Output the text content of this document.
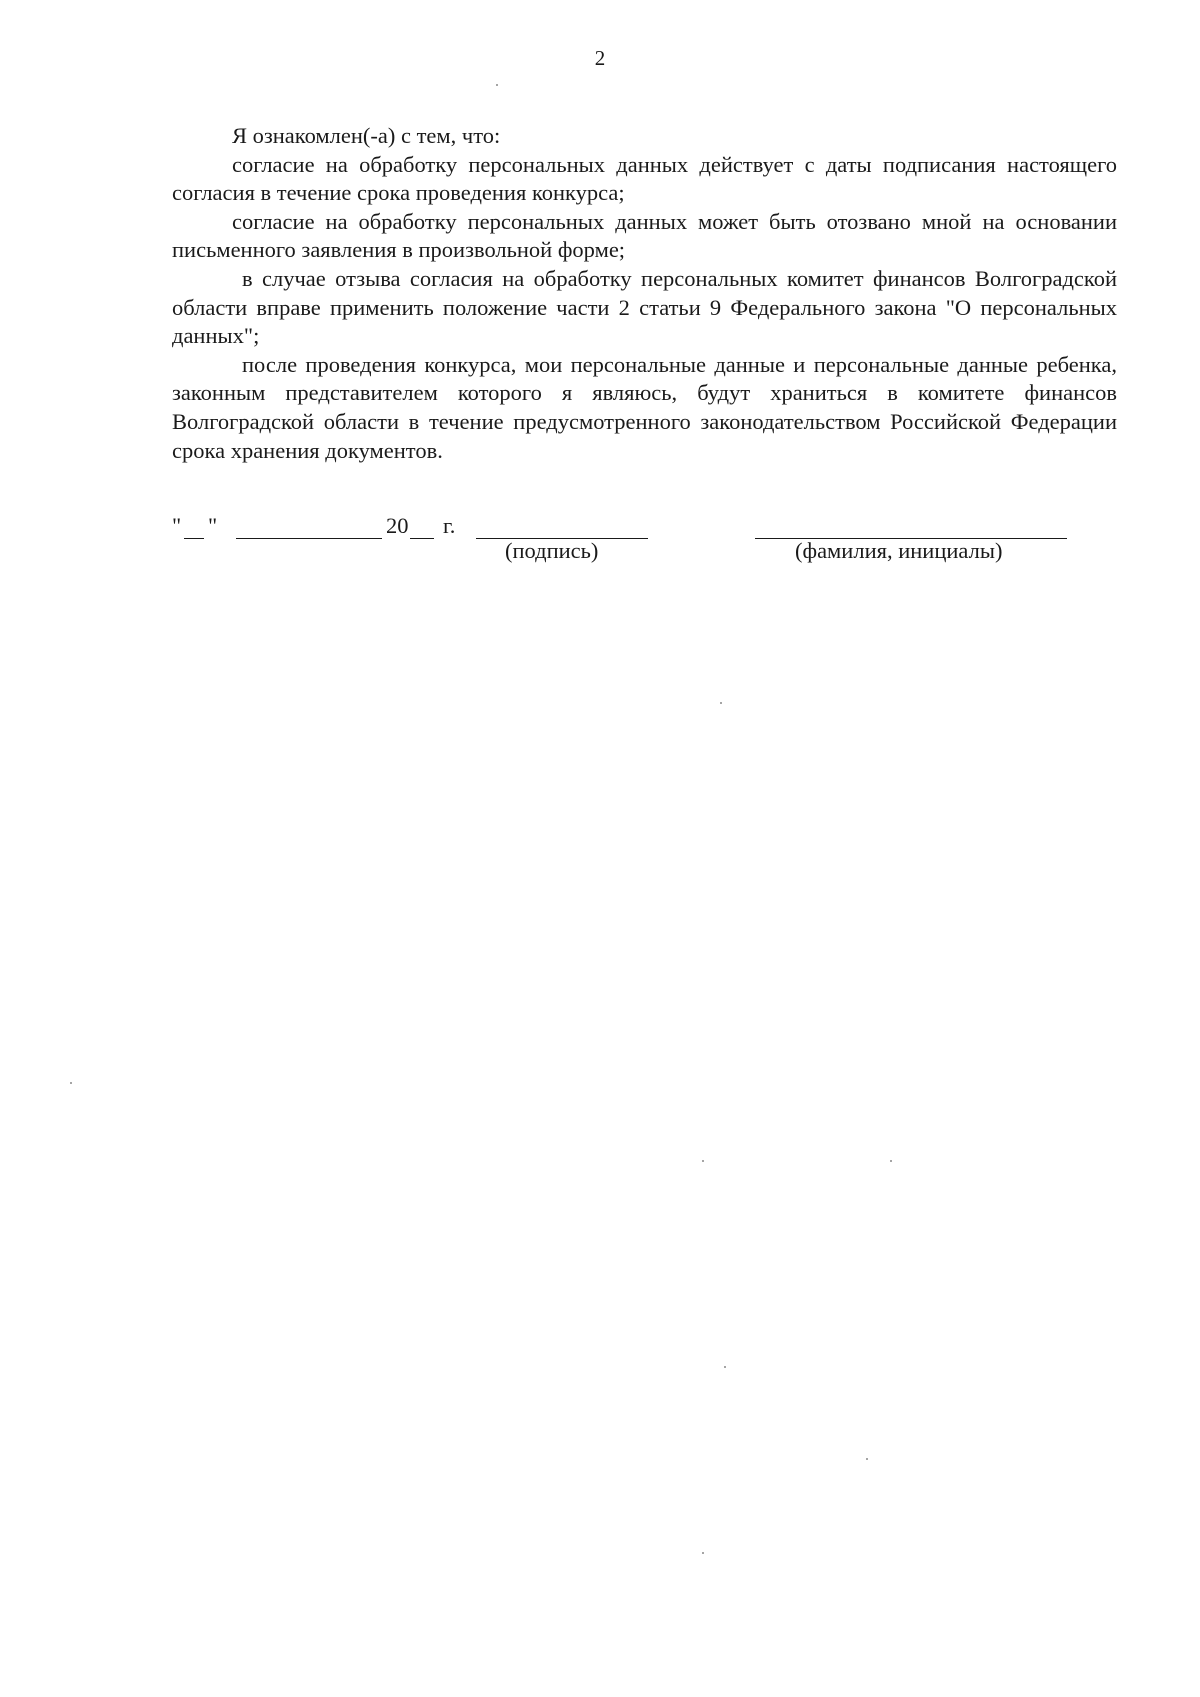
2

Я ознакомлен(-а) с тем, что:

согласие на обработку персональных данных действует с даты подписания настоящего согласия в течение срока проведения конкурса;

согласие на обработку персональных данных может быть отозвано мной на основании письменного заявления в произвольной форме;

в случае отзыва согласия на обработку персональных комитет финансов Волгоградской области вправе применить положение части 2 статьи 9 Федерального закона "О персональных данных";

после проведения конкурса, мои персональные данные и персональные данные ребенка, законным представителем которого я являюсь, будут храниться в комитете финансов Волгоградской области в течение предусмотренного законодательством Российской Федерации срока хранения документов.

" "	20 г.
(подпись)	(фамилия, инициалы)
